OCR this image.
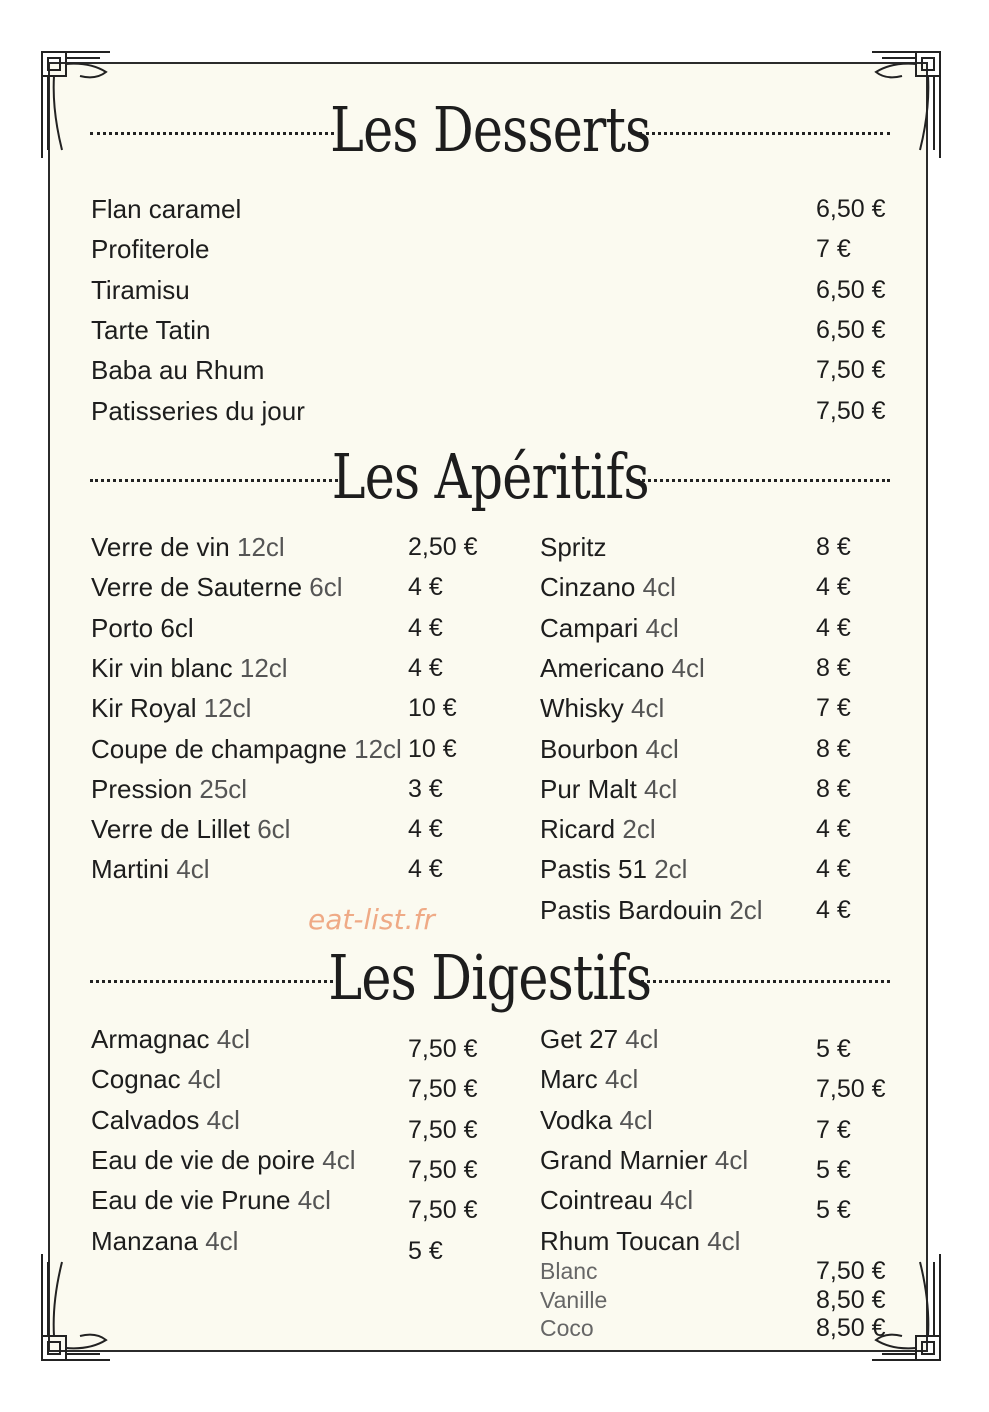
Les Desserts
Flan caramel	6,50 €
Profiterole	7 €
Tiramisu	6,50 €
Tarte Tatin	6,50 €
Baba au Rhum	7,50 €
Patisseries du jour	7,50 €
Les Apéritifs
Verre de vin 12cl	2,50 €
Verre de Sauterne 6cl	4 €
Porto 6cl	4 €
Kir vin blanc 12cl	4 €
Kir Royal 12cl	10 €
Coupe de champagne 12cl 10 €
Pression 25cl	3 €
Verre de Lillet 6cl	4 €
Martini 4cl	4 €
Spritz	8 €
Cinzano 4cl	4 €
Campari 4cl	4 €
Americano 4cl	8 €
Whisky 4cl	7 €
Bourbon 4cl	8 €
Pur Malt 4cl	8 €
Ricard 2cl	4 €
Pastis 51 2cl	4 €
Pastis Bardouin 2cl 4 €
eat-list.fr
Les Digestifs
Armagnac 4cl	7,50 €
Cognac 4cl	7,50 €
Calvados 4cl	7,50 €
Eau de vie de poire 4cl 7,50 €
Eau de vie Prune 4cl	7,50 €
Manzana 4cl	5 €
Get 27 4cl	5 €
Marc 4cl	7,50 €
Vodka 4cl	7 €
Grand Marnier 4cl	5 €
Cointreau 4cl	5 €
Rhum Toucan 4cl
Blanc	7,50 €
Vanille	8,50 €
Coco	8,50 €
